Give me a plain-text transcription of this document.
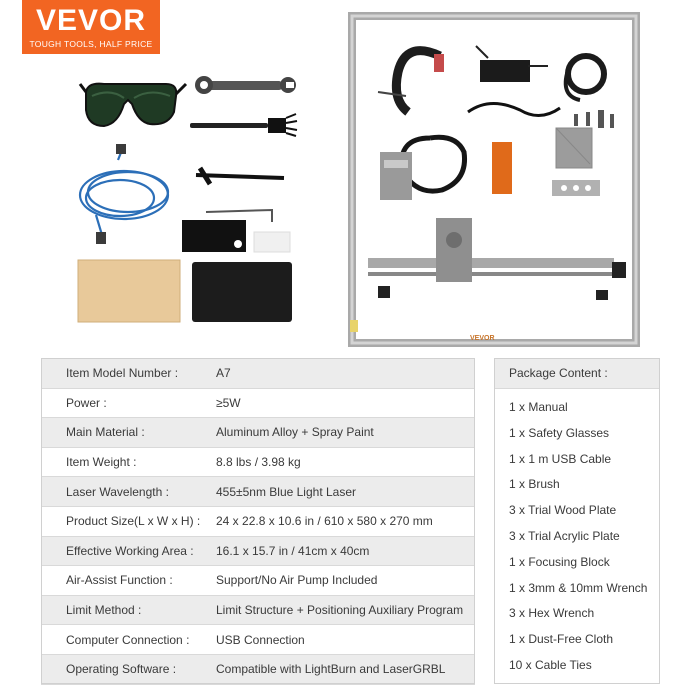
VEVOR
TOUGH TOOLS, HALF PRICE
VEVOR
Item Model Number :	A7
Power :	≥5W
Main Material :	Aluminum Alloy + Spray Paint
Item Weight :	8.8 lbs / 3.98 kg
Laser Wavelength :	455±5nm Blue Light Laser
Product Size(L x W x H) :	24 x 22.8 x 10.6 in / 610 x 580 x 270 mm
Effective Working Area :	16.1 x 15.7 in / 41cm x 40cm
Air-Assist Function :	Support/No Air Pump Included
Limit Method :	Limit Structure + Positioning Auxiliary Program
Computer Connection :	USB Connection
Operating Software :	Compatible with LightBurn and LaserGRBL
Package Content :
1 x Manual
1 x Safety Glasses
1 x 1 m USB Cable
1 x Brush
3 x Trial Wood Plate
3 x Trial Acrylic Plate
1 x Focusing Block
1 x 3mm & 10mm Wrench
3 x Hex Wrench
1 x Dust-Free Cloth
10 x Cable Ties
